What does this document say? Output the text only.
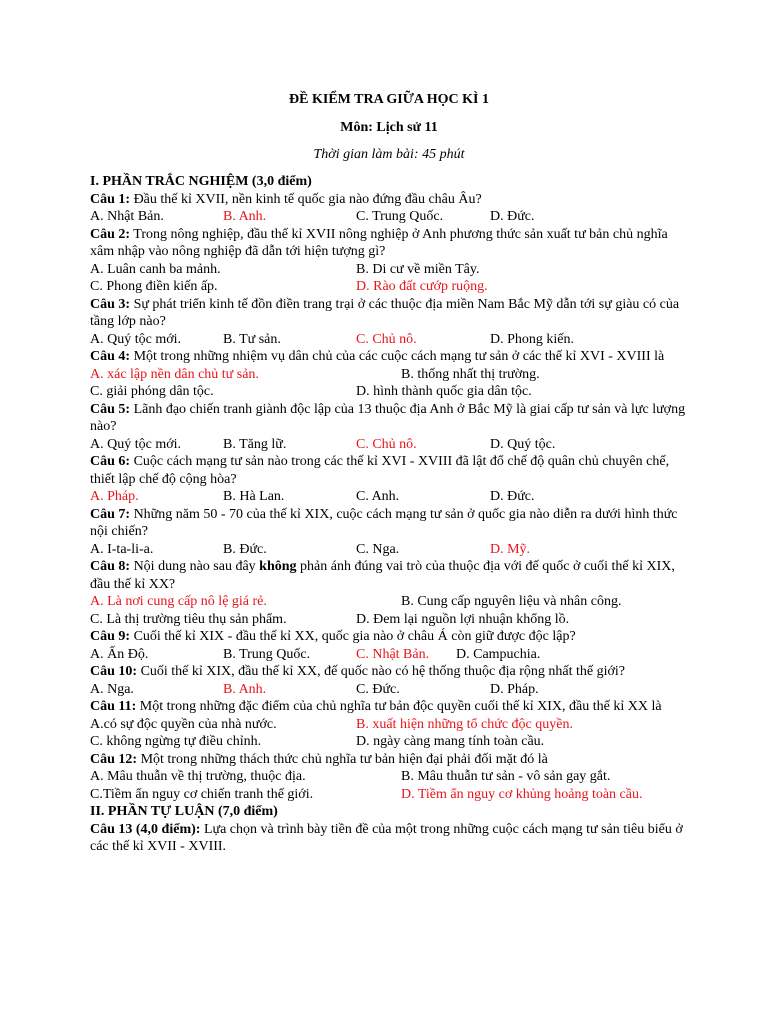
ĐỀ KIỂM TRA GIỮA HỌC KÌ 1
Môn: Lịch sử 11
Thời gian làm bài: 45 phút
I. PHẦN TRẮC NGHIỆM (3,0 điểm)
Câu 1: Đầu thế kỉ XVII, nền kinh tế quốc gia nào đứng đầu châu Âu?
A. Nhật Bản.	B. Anh.	C. Trung Quốc.	D. Đức.
Câu 2: Trong nông nghiệp, đầu thế kỉ XVII nông nghiệp ở Anh phương thức sản xuất tư bản chủ nghĩa xâm nhập vào nông nghiệp đã dẫn tới hiện tượng gì?
A. Luân canh ba mảnh.	B. Di cư về miền Tây.
C. Phong điền kiến ấp.	D. Rào đất cướp ruộng.
Câu 3: Sự phát triển kinh tế đồn điền trang trại ở các thuộc địa miền Nam Bắc Mỹ dẫn tới sự giàu có của tầng lớp nào?
A. Quý tộc mới.	B. Tư sản.	C. Chủ nô.	D. Phong kiến.
Câu 4: Một trong những nhiệm vụ dân chủ của các cuộc cách mạng tư sản ở các thế kỉ XVI - XVIII là
A. xác lập nền dân chủ tư sản.	B. thống nhất thị trường.
C. giải phóng dân tộc.	D. hình thành quốc gia dân tộc.
Câu 5: Lãnh đạo chiến tranh giành độc lập của 13 thuộc địa Anh ở Bắc Mỹ là giai cấp tư sản và lực lượng nào?
A. Quý tộc mới.	B. Tăng lữ.	C. Chủ nô.	D. Quý tộc.
Câu 6: Cuộc cách mạng tư sản nào trong các thế kỉ XVI - XVIII đã lật đổ chế độ quân chủ chuyên chế, thiết lập chế độ cộng hòa?
A. Pháp.	B. Hà Lan.	C. Anh.	D. Đức.
Câu 7: Những năm 50 - 70 của thế kỉ XIX, cuộc cách mạng tư sản ở quốc gia nào diễn ra dưới hình thức nội chiến?
A. I-ta-li-a.	B. Đức.	C. Nga.	D. Mỹ.
Câu 8: Nội dung nào sau đây không phản ánh đúng vai trò của thuộc địa với đế quốc ở cuối thế kỉ XIX, đầu thế kỉ XX?
A. Là nơi cung cấp nô lệ giá rẻ.	B. Cung cấp nguyên liệu và nhân công.
C. Là thị trường tiêu thụ sản phẩm.	D. Đem lại nguồn lợi nhuận khổng lồ.
Câu 9: Cuối thế kỉ XIX - đầu thế kỉ XX, quốc gia nào ở châu Á còn giữ được độc lập?
A. Ấn Độ.	B. Trung Quốc.	C. Nhật Bản.	D. Campuchia.
Câu 10: Cuối thế kỉ XIX, đầu thế kỉ XX, đế quốc nào có hệ thống thuộc địa rộng nhất thế giới?
A. Nga.	B. Anh.	C. Đức.	D. Pháp.
Câu 11: Một trong những đặc điểm của chủ nghĩa tư bản độc quyền cuối thế kỉ XIX, đầu thế kỉ XX là
A.có sự độc quyền của nhà nước.	B. xuất hiện những tổ chức độc quyền.
C. không ngừng tự điều chỉnh.	D. ngày càng mang tính toàn cầu.
Câu 12: Một trong những thách thức chủ nghĩa tư bản hiện đại phải đối mặt đó là
A. Mâu thuẫn về thị trường, thuộc địa.	B. Mâu thuẫn tư sản - vô sản gay gắt.
C.Tiềm ẩn nguy cơ chiến tranh thế giới.	D. Tiềm ẩn nguy cơ khủng hoảng toàn cầu.
II. PHẦN TỰ LUẬN (7,0 điểm)
Câu 13 (4,0 điểm): Lựa chọn và trình bày tiền đề của một trong những cuộc cách mạng tư sản tiêu biểu ở các thế kỉ XVII - XVIII.
